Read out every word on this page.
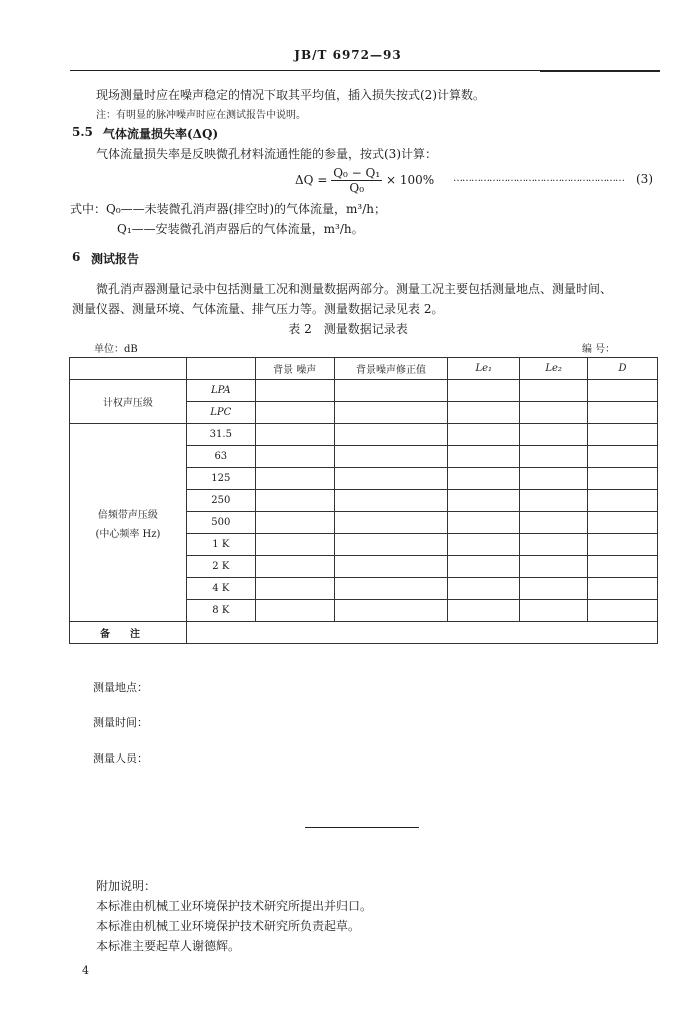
JB/T 6972—93
现场测量时应在噪声稳定的情况下取其平均值，插入损失按式(2)计算数。
注：有明显的脉冲噪声时应在测试报告中说明。
5.5 气体流量损失率(ΔQ)
气体流量损失率是反映微孔材料流通性能的参量，按式(3)计算：
$\Delta Q = \frac{\text{Q₀ − Q₁}}{\text{Q₀}} \times 100\%$ ………………………………………………… (3)
式中：Q₀——未装微孔消声器(排空时)的气体流量，m³/h；
Q₁——安装微孔消声器后的气体流量，m³/h。
6 测试报告
微孔消声器测量记录中包括测量工况和测量数据两部分。测量工况主要包括测量地点、测量时间、
测量仪器、测量环境、气体流量、排气压力等。测量数据记录见表 2。
表 2　测量数据记录表
单位：dB	编 号：
		背景 噪声	背景噪声修正值	Le₁	Le₂	D
计权声压级	LPA					
	LPC					

倍频带声压级
(中心频率 Hz)	31.5					
	63					
	125					
	250					
	500					
	1 K					
	2 K					
	4 K					
	8 K					
备　　注						
测量地点：
测量时间：
测量人员：
附加说明：
本标准由机械工业环境保护技术研究所提出并归口。
本标准由机械工业环境保护技术研究所负责起草。
本标准主要起草人谢德辉。
4
